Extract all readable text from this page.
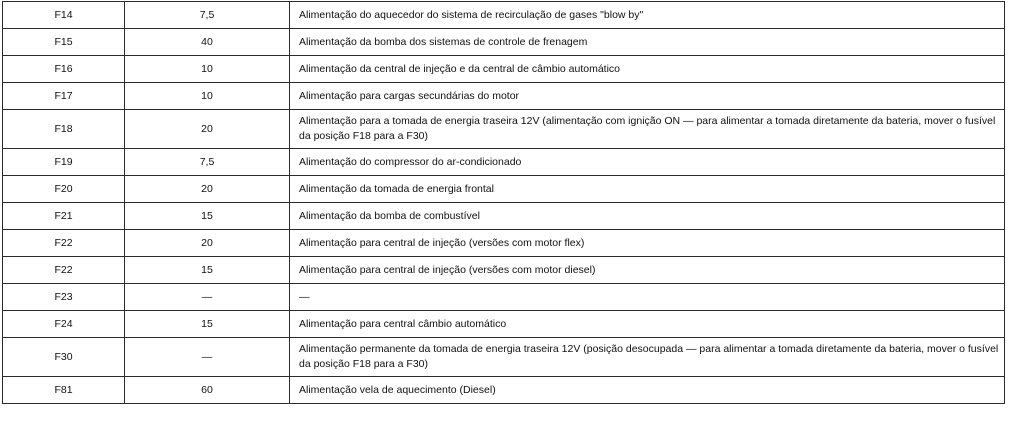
F14	7,5	Alimentação do aquecedor do sistema de recirculação de gases "blow by"
F15	40	Alimentação da bomba dos sistemas de controle de frenagem
F16	10	Alimentação da central de injeção e da central de câmbio automático
F17	10	Alimentação para cargas secundárias do motor
F18	20	Alimentação para a tomada de energia traseira 12V (alimentação com ignição ON — para alimentar a tomada diretamente da bateria, mover o fusível da posição F18 para a F30)
F19	7,5	Alimentação do compressor do ar-condicionado
F20	20	Alimentação da tomada de energia frontal
F21	15	Alimentação da bomba de combustível
F22	20	Alimentação para central de injeção (versões com motor flex)
F22	15	Alimentação para central de injeção (versões com motor diesel)
F23	—	—
F24	15	Alimentação para central câmbio automático
F30	—	Alimentação permanente da tomada de energia traseira 12V (posição desocupada — para alimentar a tomada diretamente da bateria, mover o fusível da posição F18 para a F30)
F81	60	Alimentação vela de aquecimento (Diesel)
